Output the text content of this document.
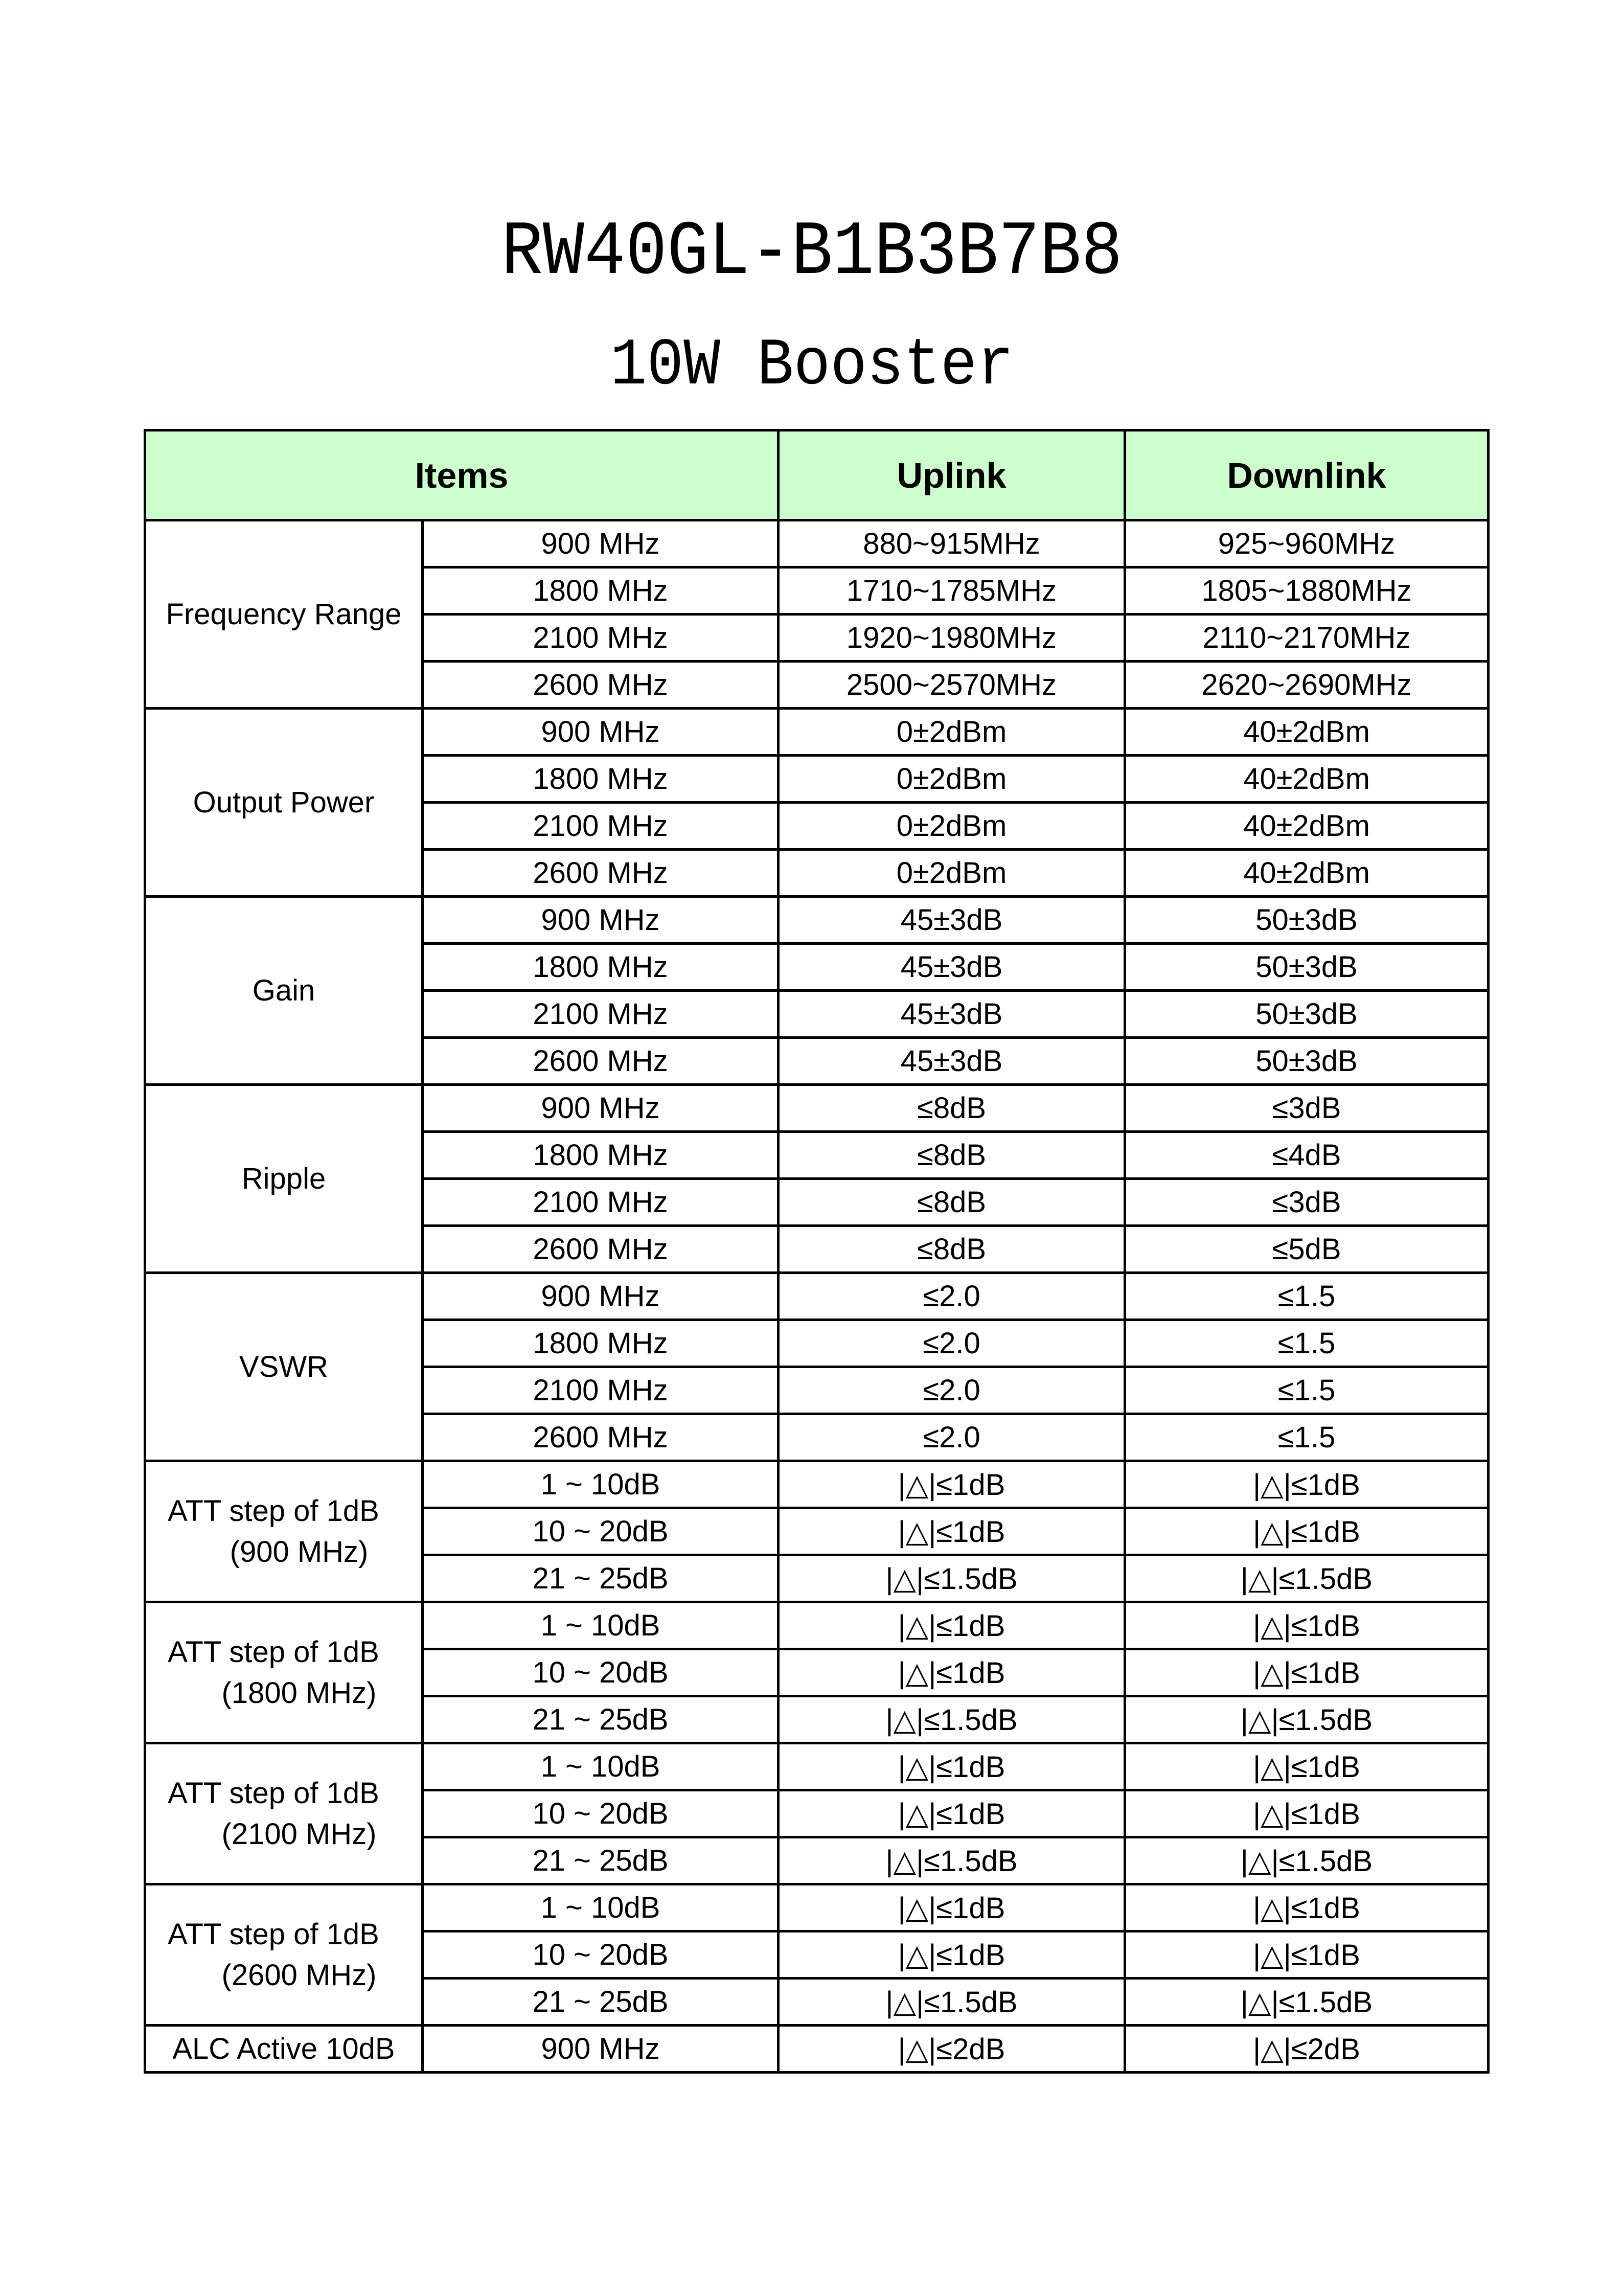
RW40GL-B1B3B7B8
10W Booster
Items		Uplink	Downlink
Frequency Range	900 MHz	880~915MHz	925~960MHz
	1800 MHz	1710~1785MHz	1805~1880MHz
	2100 MHz	1920~1980MHz	2110~2170MHz
	2600 MHz	2500~2570MHz	2620~2690MHz
Output Power	900 MHz	0±2dBm	40±2dBm
	1800 MHz	0±2dBm	40±2dBm
	2100 MHz	0±2dBm	40±2dBm
	2600 MHz	0±2dBm	40±2dBm
Gain	900 MHz	45±3dB	50±3dB
	1800 MHz	45±3dB	50±3dB
	2100 MHz	45±3dB	50±3dB
	2600 MHz	45±3dB	50±3dB
Ripple	900 MHz	≤8dB	≤3dB
	1800 MHz	≤8dB	≤4dB
	2100 MHz	≤8dB	≤3dB
	2600 MHz	≤8dB	≤5dB
VSWR	900 MHz	≤2.0	≤1.5
	1800 MHz	≤2.0	≤1.5
	2100 MHz	≤2.0	≤1.5
	2600 MHz	≤2.0	≤1.5

ATT step of 1dB
(900 MHz)	1 ~ 10dB	|△|≤1dB	|△|≤1dB
	10 ~ 20dB	|△|≤1dB	|△|≤1dB
	21 ~ 25dB	|△|≤1.5dB	|△|≤1.5dB

ATT step of 1dB
(1800 MHz)	1 ~ 10dB	|△|≤1dB	|△|≤1dB
	10 ~ 20dB	|△|≤1dB	|△|≤1dB
	21 ~ 25dB	|△|≤1.5dB	|△|≤1.5dB

ATT step of 1dB
(2100 MHz)	1 ~ 10dB	|△|≤1dB	|△|≤1dB
	10 ~ 20dB	|△|≤1dB	|△|≤1dB
	21 ~ 25dB	|△|≤1.5dB	|△|≤1.5dB

ATT step of 1dB
(2600 MHz)	1 ~ 10dB	|△|≤1dB	|△|≤1dB
	10 ~ 20dB	|△|≤1dB	|△|≤1dB
	21 ~ 25dB	|△|≤1.5dB	|△|≤1.5dB
ALC Active 10dB	900 MHz	|△|≤2dB	|△|≤2dB
